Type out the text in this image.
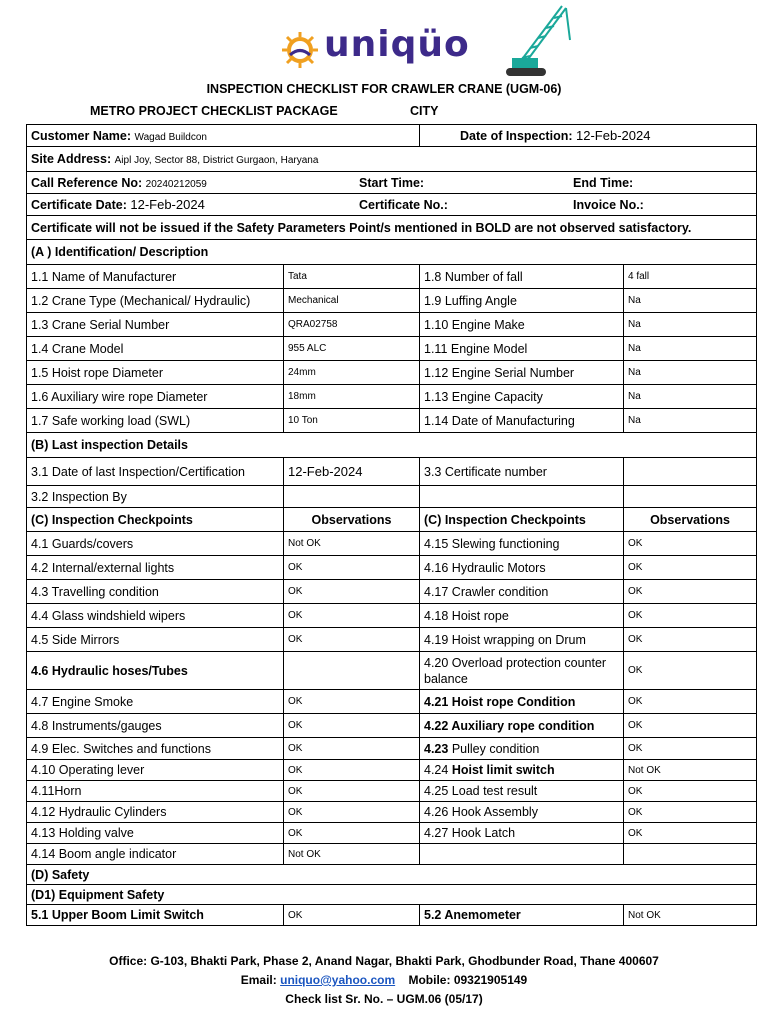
uniqüo
INSPECTION CHECKLIST FOR CRAWLER CRANE (UGM-06)
METRO PROJECT CHECKLIST PACKAGE	CITY
Customer Name: Wagad Buildcon		Date of Inspection: 12-Feb-2024	
Site Address: Aipl Joy, Sector 88, District Gurgaon, Haryana			

Call Reference No: 20240212059 Start Time: End Time:			

Certificate Date: 12-Feb-2024 Certificate No.: Invoice No.:			

Certificate will not be issued if the Safety Parameters Point/s mentioned in BOLD are not observed satisfactory.			
(A ) Identification/ Description			
1.1 Name of Manufacturer	Tata	1.8 Number of fall	4 fall
1.2 Crane Type (Mechanical/ Hydraulic)	Mechanical	1.9 Luffing Angle	Na
1.3 Crane Serial Number	QRA02758	1.10 Engine Make	Na
1.4 Crane Model	955 ALC	1.11 Engine Model	Na
1.5 Hoist rope Diameter	24mm	1.12 Engine Serial Number	Na
1.6 Auxiliary wire rope Diameter	18mm	1.13 Engine Capacity	Na
1.7 Safe working load (SWL)	10 Ton	1.14 Date of Manufacturing	Na
(B) Last inspection Details			
3.1 Date of last Inspection/Certification	12-Feb-2024	3.3 Certificate number	
3.2 Inspection By			
(C) Inspection Checkpoints	Observations	(C) Inspection Checkpoints	Observations
4.1 Guards/covers	Not OK	4.15 Slewing functioning	OK
4.2 Internal/external lights	OK	4.16 Hydraulic Motors	OK
4.3 Travelling condition	OK	4.17 Crawler condition	OK
4.4 Glass windshield wipers	OK	4.18 Hoist rope	OK
4.5 Side Mirrors	OK	4.19 Hoist wrapping on Drum	OK
4.6 Hydraulic hoses/Tubes		4.20 Overload protection counter balance	OK
4.7 Engine Smoke	OK	4.21 Hoist rope Condition	OK
4.8 Instruments/gauges	OK	4.22 Auxiliary rope condition	OK
4.9 Elec. Switches and functions	OK	4.23 Pulley condition	OK
4.10 Operating lever	OK	4.24 Hoist limit switch	Not OK
4.11Horn	OK	4.25 Load test result	OK
4.12 Hydraulic Cylinders	OK	4.26 Hook Assembly	OK
4.13 Holding valve	OK	4.27 Hook Latch	OK
4.14 Boom angle indicator	Not OK		
(D) Safety			
(D1) Equipment Safety			
5.1 Upper Boom Limit Switch	OK	5.2 Anemometer	Not OK
Office: G-103, Bhakti Park, Phase 2, Anand Nagar, Bhakti Park, Ghodbunder Road, Thane 400607
Email: uniquo@yahoo.com Mobile: 09321905149
Check list Sr. No. – UGM.06 (05/17)
